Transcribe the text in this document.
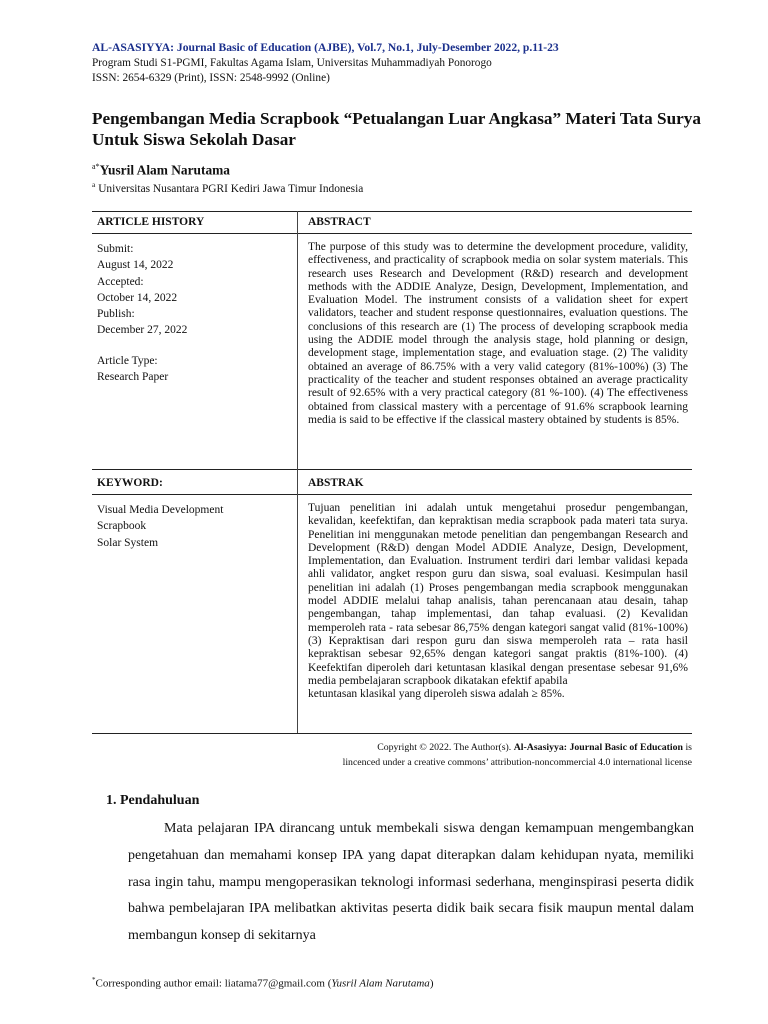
AL-ASASIYYA: Journal Basic of Education (AJBE), Vol.7, No.1, July-Desember 2022, p.11-23
Program Studi S1-PGMI, Fakultas Agama Islam, Universitas Muhammadiyah Ponorogo
ISSN: 2654-6329 (Print), ISSN: 2548-9992 (Online)
Pengembangan Media Scrapbook “Petualangan Luar Angkasa” Materi Tata Surya Untuk Siswa Sekolah Dasar
$^{a*}$Yusril Alam Narutama
$^a$ Universitas Nusantara PGRI Kediri Jawa Timur Indonesia
ARTICLE HISTORY
Submit:
August 14, 2022
Accepted:
October 14, 2022
Publish:
December 27, 2022
Article Type:
Research Paper
ABSTRACT
The purpose of this study was to determine the development procedure, validity, effectiveness, and practicality of scrapbook media on solar system materials. This research uses Research and Development (R&D) research and development methods with the ADDIE Analyze, Design, Development, Implementation, and Evaluation Model. The instrument consists of a validation sheet for expert validators, teacher and student response questionnaires, evaluation questions. The conclusions of this research are (1) The process of developing scrapbook media using the ADDIE model through the analysis stage, hold planning or design, development stage, implementation stage, and evaluation stage. (2) The validity obtained an average of 86.75% with a very valid category (81%-100%) (3) The practicality of the teacher and student responses obtained an average practicality result of 92.65% with a very practical category (81 %-100). (4) The effectiveness obtained from classical mastery with a percentage of 91.6% scrapbook learning media is said to be effective if the classical mastery obtained by students is 85%.
KEYWORD:
Visual Media Development
Scrapbook
Solar System
ABSTRAK
Tujuan penelitian ini adalah untuk mengetahui prosedur pengembangan, kevalidan, keefektifan, dan kepraktisan media scrapbook pada materi tata surya. Penelitian ini menggunakan metode penelitian dan pengembangan Research and Development (R&D) dengan Model ADDIE Analyze, Design, Development, Implementation, dan Evaluation. Instrument terdiri dari lembar validasi kepada ahli validator, angket respon guru dan siswa, soal evaluasi. Kesimpulan hasil penelitian ini adalah (1) Proses pengembangan media scrapbook menggunakan model ADDIE melalui tahap analisis, tahan perencanaan atau desain, tahap pengembangan, tahap implementasi, dan tahap evaluasi. (2) Kevalidan memperoleh rata - rata sebesar 86,75% dengan kategori sangat valid (81%-100%) (3) Kepraktisan dari respon guru dan siswa memperoleh rata – rata hasil kepraktisan sebesar 92,65% dengan kategori sangat praktis (81%-100). (4) Keefektifan diperoleh dari ketuntasan klasikal dengan presentase sebesar 91,6% media pembelajaran scrapbook dikatakan efektif apabila
ketuntasan klasikal yang diperoleh siswa adalah ≥ 85%.
Copyright © 2022. The Author(s). Al-Asasiyya: Journal Basic of Education is
lincenced under a creative commons’ attribution-noncommercial 4.0 international license
1. Pendahuluan

Mata pelajaran IPA dirancang untuk membekali siswa dengan kemampuan mengembangkan pengetahuan dan memahami konsep IPA yang dapat diterapkan dalam kehidupan nyata, memiliki rasa ingin tahu, mampu mengoperasikan teknologi informasi sederhana, menginspirasi peserta didik bahwa pembelajaran IPA melibatkan aktivitas peserta didik baik secara fisik maupun mental dalam membangun konsep di sekitarnya

*Corresponding author email: liatama77@gmail.com (Yusril Alam Narutama)
